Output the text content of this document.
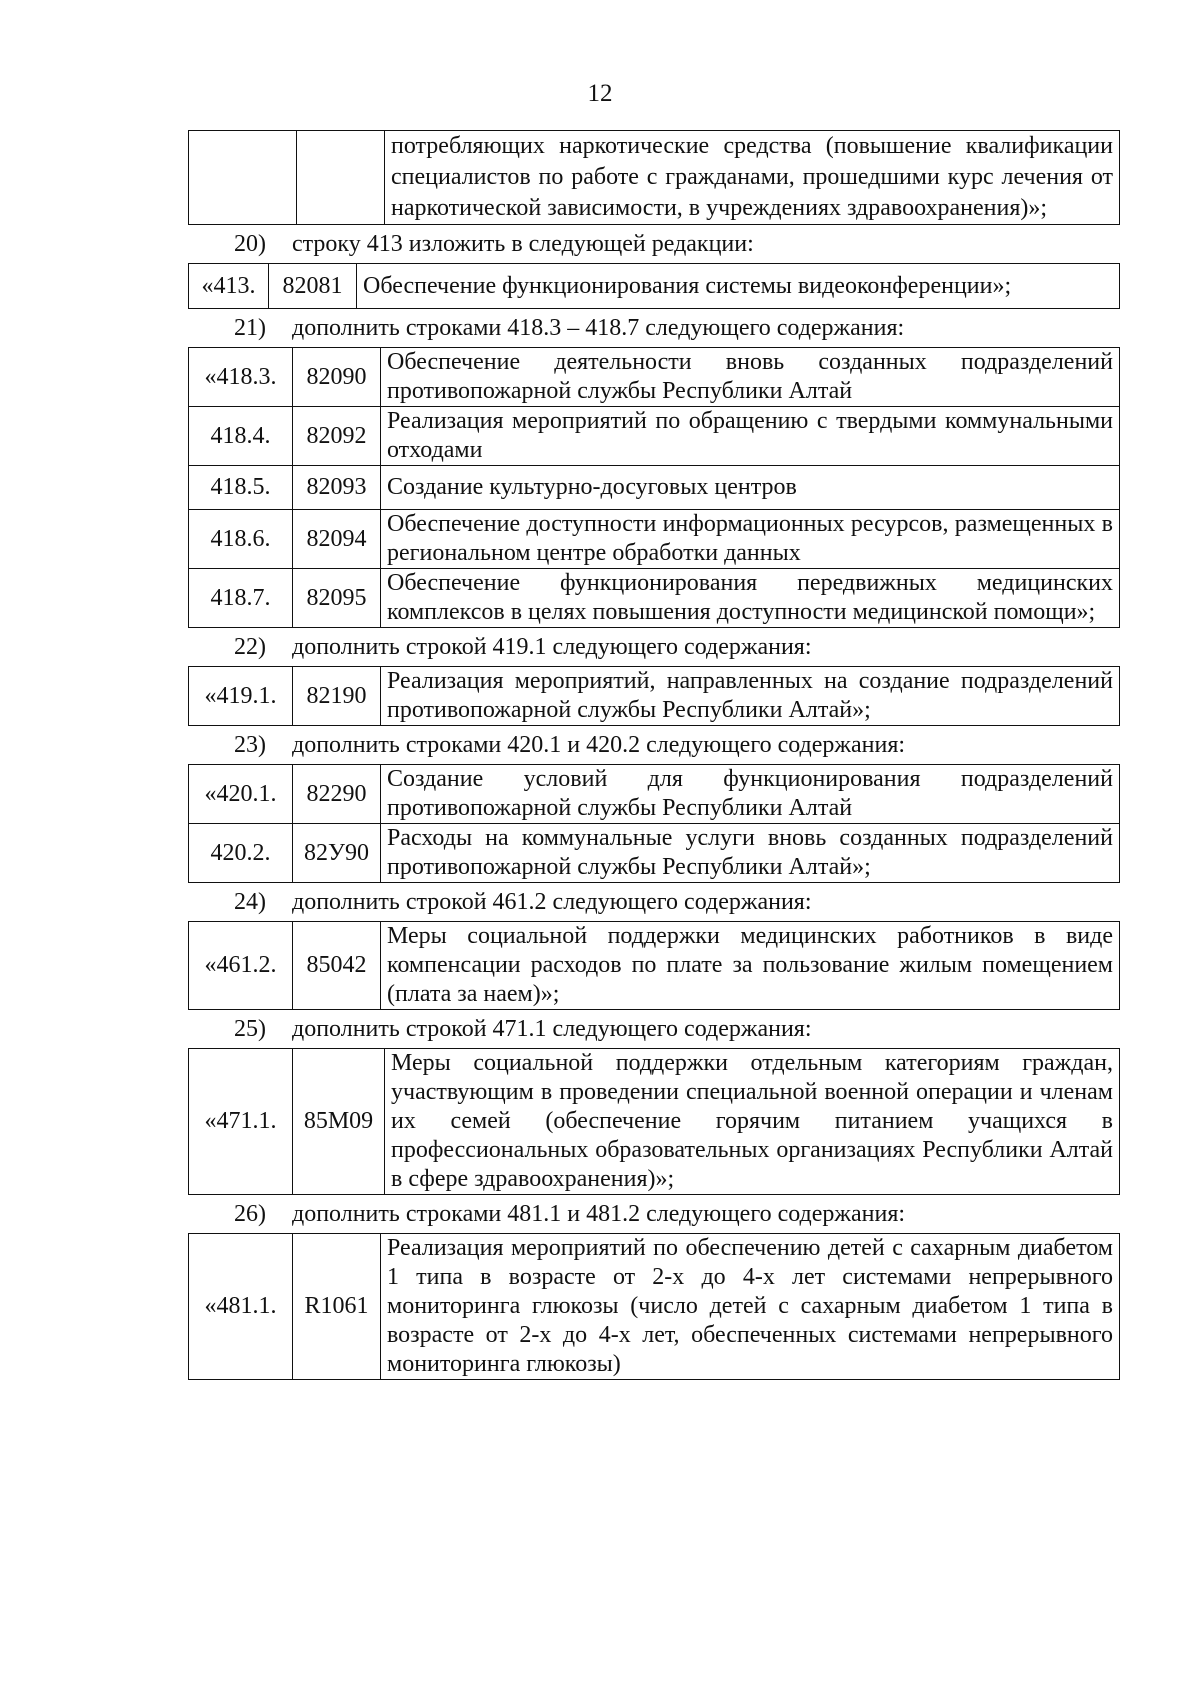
12
		потребляющих наркотические средства (повышение квалификации специалистов по работе с гражданами, прошедшими курс лечения от наркотической зависимости, в учреждениях здравоохранения)»;
20)	строку 413 изложить в следующей редакции:
«413.	82081	Обеспечение функционирования системы видеоконференции»;
21)	дополнить строками 418.3 – 418.7 следующего содержания:
«418.3.	82090	Обеспечение деятельности вновь созданных подразделений противопожарной службы Республики Алтай
418.4.	82092	Реализация мероприятий по обращению с твердыми коммунальными отходами
418.5.	82093	Создание культурно-досуговых центров
418.6.	82094	Обеспечение доступности информационных ресурсов, размещенных в региональном центре обработки данных
418.7.	82095	Обеспечение функционирования передвижных медицинских комплексов в целях повышения доступности медицинской помощи»;
22)	дополнить строкой 419.1 следующего содержания:
«419.1.	82190	Реализация мероприятий, направленных на создание подразделений противопожарной службы Республики Алтай»;
23)	дополнить строками 420.1 и 420.2 следующего содержания:
«420.1.	82290	Создание условий для функционирования подразделений противопожарной службы Республики Алтай
420.2.	82У90	Расходы на коммунальные услуги вновь созданных подразделений противопожарной службы Республики Алтай»;
24)	дополнить строкой 461.2 следующего содержания:
«461.2.	85042	Меры социальной поддержки медицинских работников в виде компенсации расходов по плате за пользование жилым помещением (плата за наем)»;
25)	дополнить строкой 471.1 следующего содержания:
«471.1.	85М09	Меры социальной поддержки отдельным категориям граждан, участвующим в проведении специальной военной операции и членам их семей (обеспечение горячим питанием учащихся в профессиональных образовательных организациях Республики Алтай в сфере здравоохранения)»;
26)	дополнить строками 481.1 и 481.2 следующего содержания:
«481.1.	R1061	Реализация мероприятий по обеспечению детей с сахарным диабетом 1 типа в возрасте от 2-х до 4-х лет системами непрерывного мониторинга глюкозы (число детей с сахарным диабетом 1 типа в возрасте от 2-х до 4-х лет, обеспеченных системами непрерывного мониторинга глюкозы)
